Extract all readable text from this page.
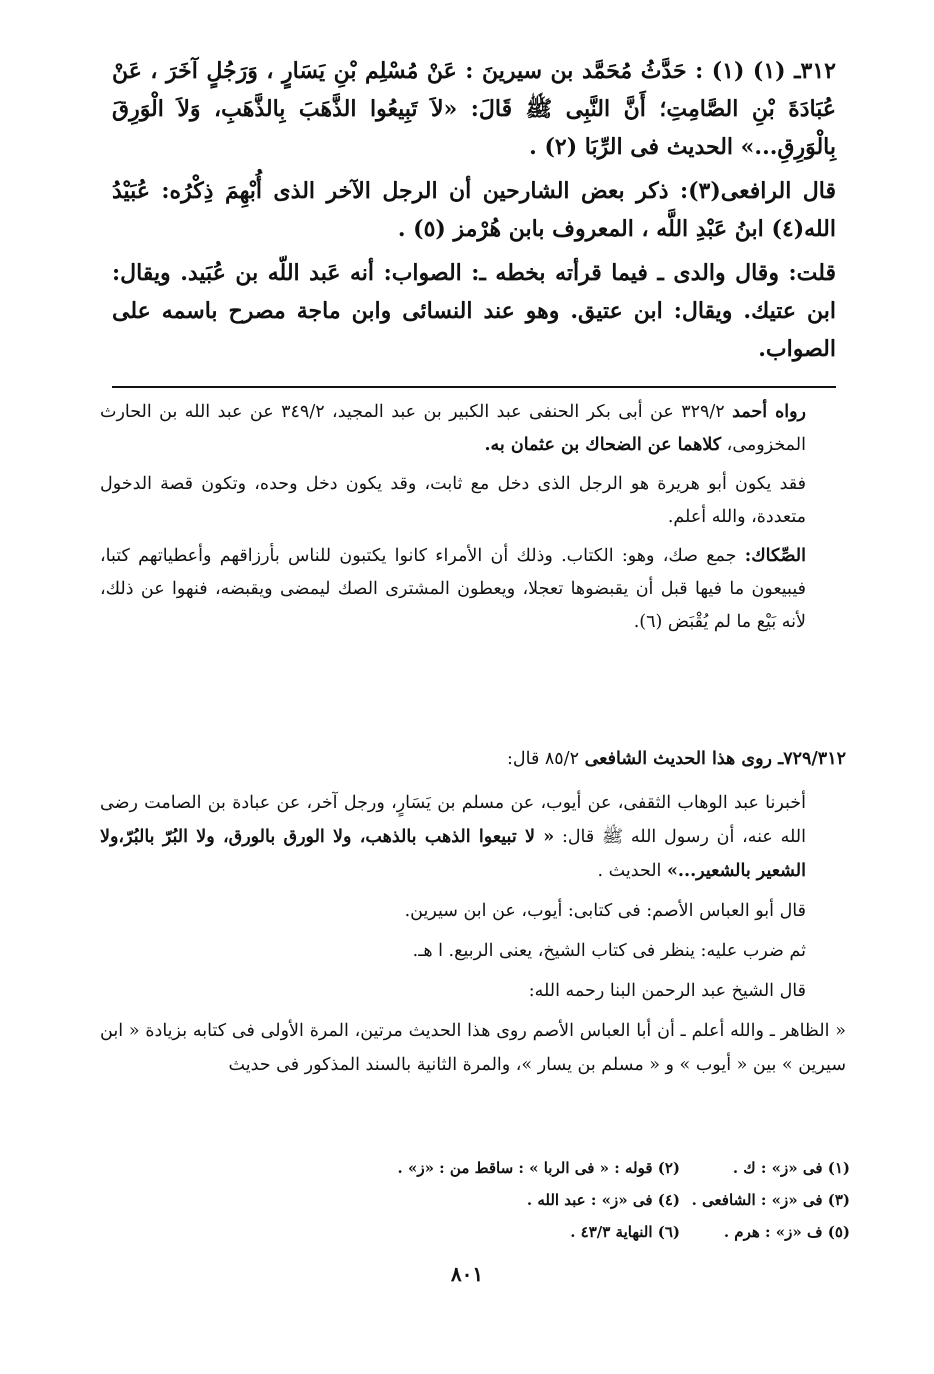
٣١٢ـ (١) (١) : حَدَّثُ مُحَمَّد بن سيرينَ : عَنْ مُسْلِم بْنِ يَسَارٍ ، وَرَجُلٍ آخَرَ ، عَنْ عُبَادَةَ بْنِ الصَّامِتِ؛ أَنَّ النَّبِى ﷺ قَالَ: «لاَ تَبِيعُوا الذَّهَبَ بِالذَّهَبِ، وَلاَ الْوَرِقَ بِالْوَرِقِ...» الحديث فى الرِّبَا (٢) .

قال الرافعى(٣): ذكر بعض الشارحين أن الرجل الآخر الذى أُبْهِمَ ذِكْرُه: عُبَيْدُ الله(٤) ابنُ عَبْدِ اللَّه ، المعروف بابن هُرْمز (٥) .

قلت: وقال والدى ـ فيما قرأته بخطه ـ: الصواب: أنه عَبد اللّه بن عُبَيد. ويقال: ابن عتيك. ويقال: ابن عتيق. وهو عند النسائى وابن ماجة مصرح باسمه على الصواب.

رواه أحمد ٣٢٩/٢ عن أبى بكر الحنفى عبد الكبير بن عبد المجيد، ٣٤٩/٢ عن عبد الله بن الحارث المخزومى، كلاهما عن الضحاك بن عثمان به.

فقد يكون أبو هريرة هو الرجل الذى دخل مع ثابت، وقد يكون دخل وحده، وتكون قصة الدخول متعددة، والله أعلم.

الصِّكاك: جمع صك، وهو: الكتاب. وذلك أن الأمراء كانوا يكتبون للناس بأرزاقهم وأعطياتهم كتبا، فيبيعون ما فيها قبل أن يقبضوها تعجلا، ويعطون المشترى الصك ليمضى ويقبضه، فنهوا عن ذلك، لأنه بَيْع ما لم يُقْبَض (٦).

٧٢٩/٣١٢ـ روى هذا الحديث الشافعى ٨٥/٢ قال:

أخبرنا عبد الوهاب الثقفى، عن أيوب، عن مسلم بن يَسَارٍ، ورجل آخر، عن عبادة بن الصامت رضى الله عنه، أن رسول الله ﷺ قال: « لا تبيعوا الذهب بالذهب، ولا الورق بالورق، ولا البُرّ بالبُرّ،ولا الشعير بالشعير...» الحديث .

قال أبو العباس الأصم: فى كتابى: أيوب، عن ابن سيرين.

ثم ضرب عليه: ينظر فى كتاب الشيخ، يعنى الربيع. ا هـ.

قال الشيخ عبد الرحمن البنا رحمه الله:

« الظاهر ـ والله أعلم ـ أن أبا العباس الأصم روى هذا الحديث مرتين، المرة الأولى فى كتابه بزيادة « ابن سيرين » بين « أيوب » و « مسلم بن يسار »، والمرة الثانية بالسند المذكور فى حديث

(١) فى «ز» : ك .
(٢) قوله : « فى الربا » : ساقط من : «ز» .
(٣) فى «ز» : الشافعى .
(٤) فى «ز» : عبد الله .
(٥) ف «ز» : هرم .
(٦) النهاية ٤٣/٣ .
٨٠١
